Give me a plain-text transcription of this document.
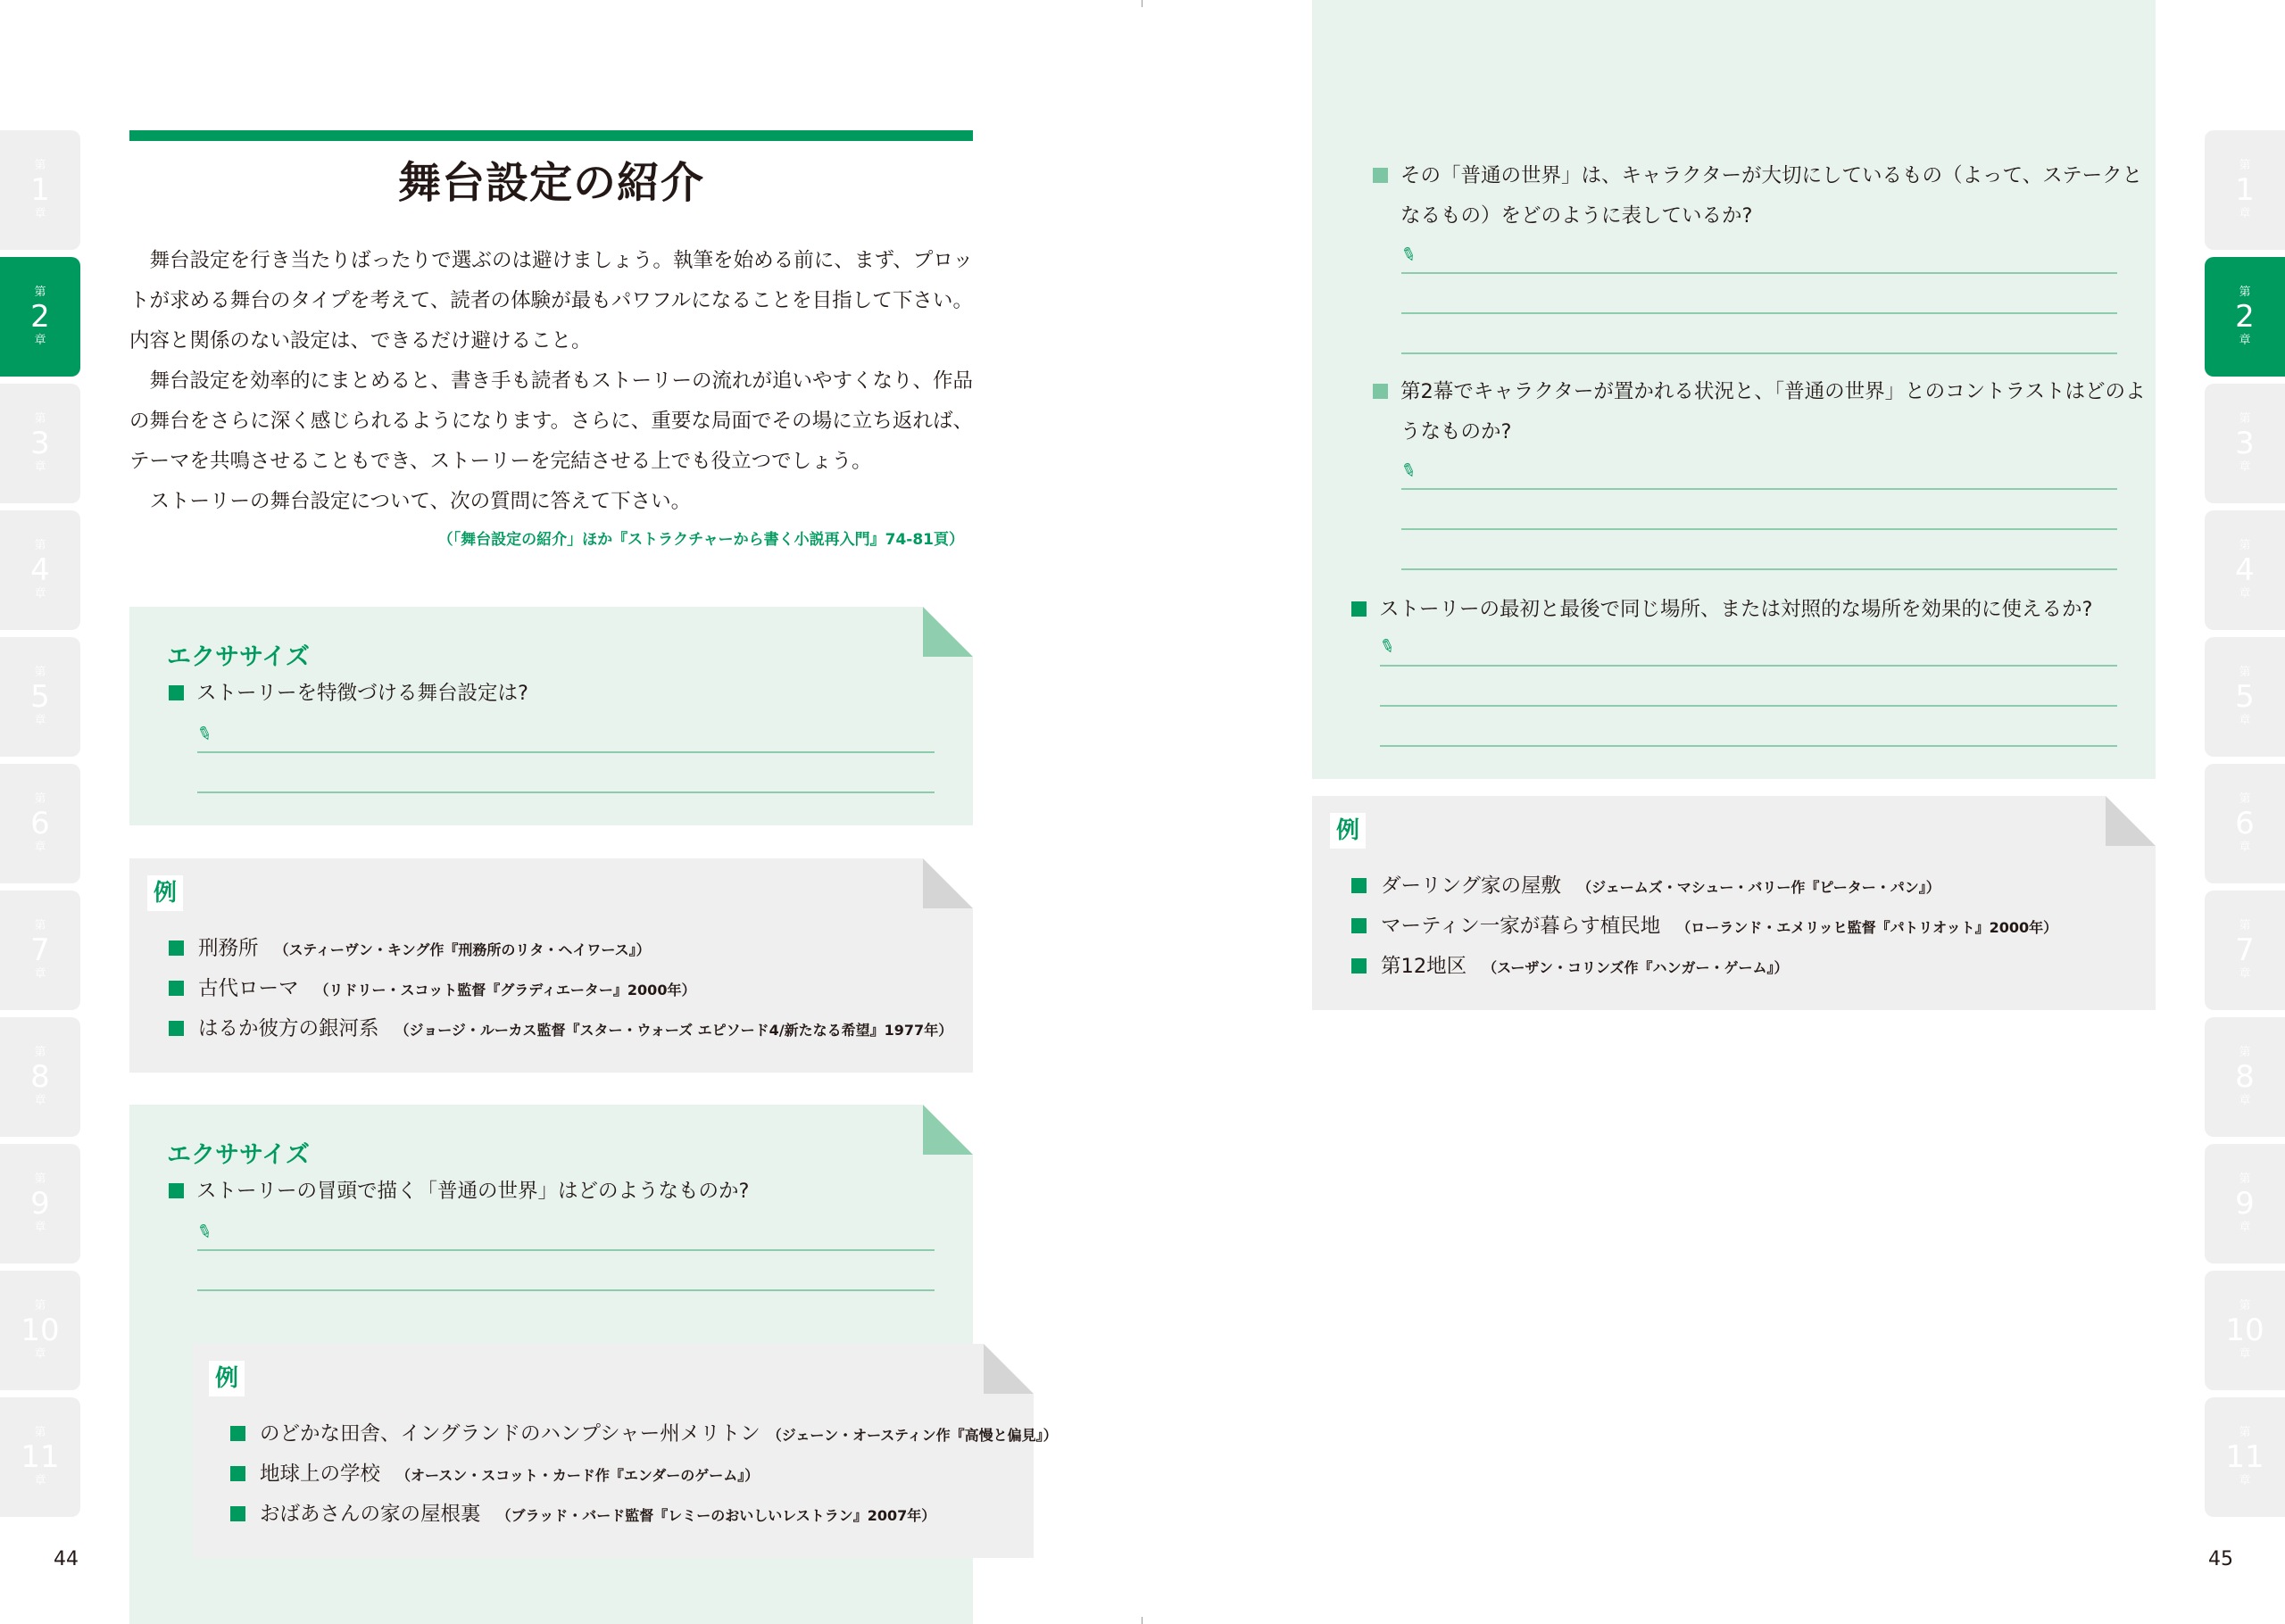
第
1
章
第
2
章
第
3
章
第
4
章
第
5
章
第
6
章
第
7
章
第
8
章
第
9
章
第
10
章
第
11
章
第
1
章
第
2
章
第
3
章
第
4
章
第
5
章
第
6
章
第
7
章
第
8
章
第
9
章
第
10
章
第
11
章
44	45
舞台設定の紹介

舞台設定を行き当たりばったりで選ぶのは避けましょう。執筆を始める前に、まず、プロットが求める舞台のタイプを考えて、読者の体験が最もパワフルになることを目指して下さい。内容と関係のない設定は、できるだけ避けること。

舞台設定を効率的にまとめると、書き手も読者もストーリーの流れが追いやすくなり、作品の舞台をさらに深く感じられるようになります。さらに、重要な局面でその場に立ち返れば、テーマを共鳴させることもでき、ストーリーを完結させる上でも役立つでしょう。

ストーリーの舞台設定について、次の質問に答えて下さい。

（「舞台設定の紹介」ほか『ストラクチャーから書く小説再入門』74-81頁）
エクササイズ
ストーリーを特徴づける舞台設定は?
✎
例
刑務所 （スティーヴン・キング作『刑務所のリタ・ヘイワース』）
古代ローマ （リドリー・スコット監督『グラディエーター』2000年）
はるか彼方の銀河系 （ジョージ・ルーカス監督『スター・ウォーズ エピソード4/新たなる希望』1977年）
エクササイズ
ストーリーの冒頭で描く「普通の世界」はどのようなものか?
✎
例
のどかな田舎、イングランドのハンプシャー州メリトン （ジェーン・オースティン作『高慢と偏見』）
地球上の学校 （オースン・スコット・カード作『エンダーのゲーム』）
おばあさんの家の屋根裏 （ブラッド・バード監督『レミーのおいしいレストラン』2007年）
その「普通の世界」は、キャラクターが大切にしているもの（よって、ステークとなるもの）をどのように表しているか?
✎
第2幕でキャラクターが置かれる状況と、「普通の世界」とのコントラストはどのようなものか?
✎
ストーリーの最初と最後で同じ場所、または対照的な場所を効果的に使えるか?
✎
例
ダーリング家の屋敷 （ジェームズ・マシュー・バリー作『ピーター・パン』）
マーティン一家が暮らす植民地 （ローランド・エメリッヒ監督『パトリオット』2000年）
第12地区 （スーザン・コリンズ作『ハンガー・ゲーム』）
